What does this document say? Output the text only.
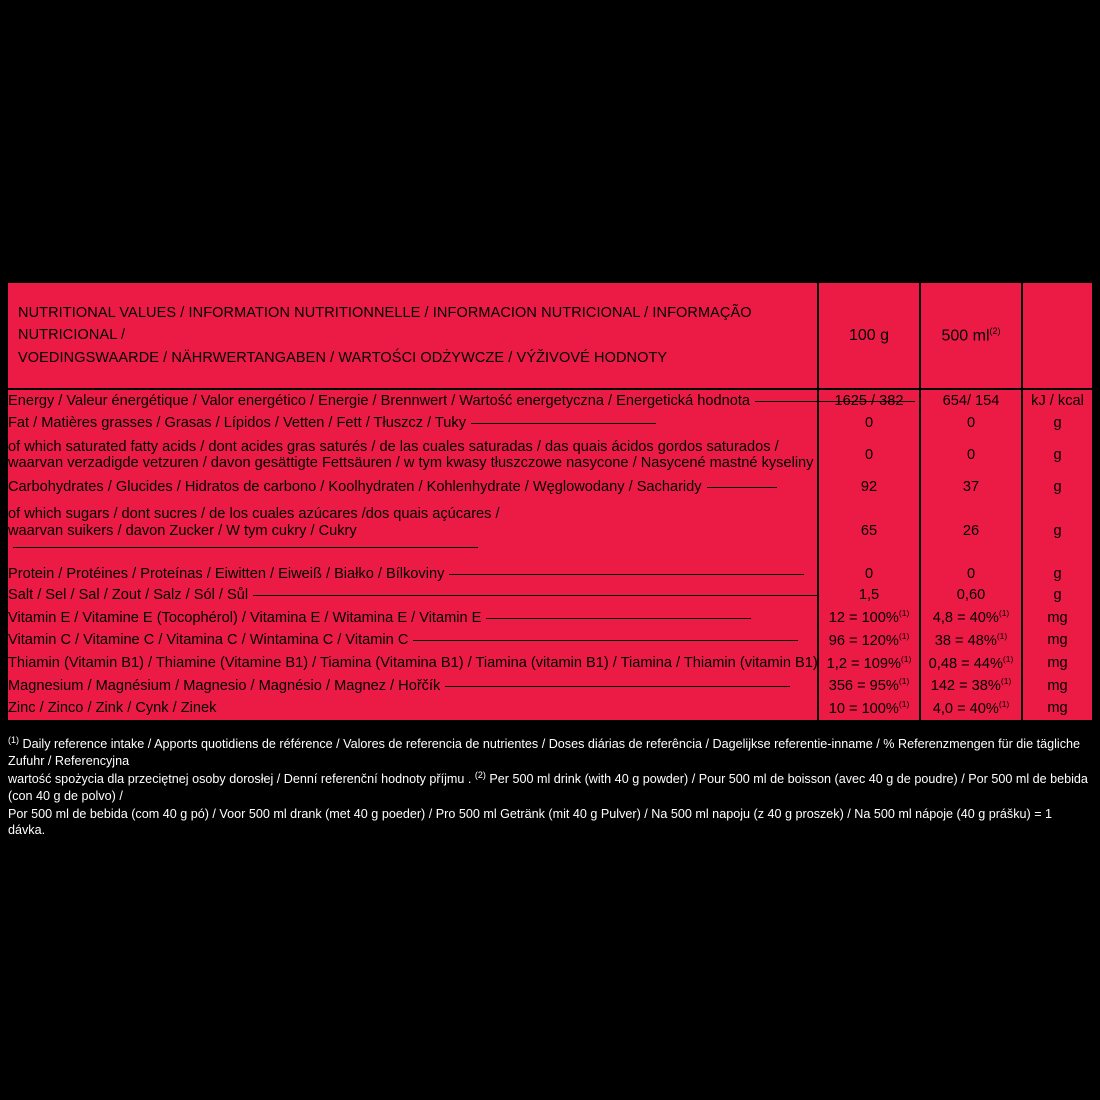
NUTRITIONAL VALUES / INFORMATION NUTRITIONNELLE / INFORMACION NUTRICIONAL / INFORMAÇÃO NUTRICIONAL /
VOEDINGSWAARDE / NÄHRWERTANGABEN / WARTOŚCI ODŻYWCZE / VÝŽIVOVÉ HODNOTY	100 g	500 $ml^{(2)}$	
Energy / Valeur énergétique / Valor energético / Energie / Brennwert / Wartość energetyczna / Energetická hodnota	1625 / 382	654/ 154	kJ / kcal
Fat / Matières grasses / Grasas / Lípidos / Vetten / Fett / Tłuszcz / Tuky	0	0	g

of which saturated fatty acids / dont acides gras saturés / de las cuales saturadas / das quais ácidos gordos saturados /
waarvan verzadigde vetzuren / davon gesättigte Fettsäuren / w tym kwasy tłuszczowe nasycone / Nasycené mastné kyseliny	0	0	g
Carbohydrates / Glucides / Hidratos de carbono / Koolhydraten / Kohlenhydrate / Węglowodany / Sacharidy	92	37	g

of which sugars / dont sucres / de los cuales azúcares /dos quais açúcares /
waarvan suikers / davon Zucker / W tym cukry / Cukry	65	26	g
Protein / Protéines / Proteínas / Eiwitten / Eiweiß / Białko / Bílkoviny	0	0	g
Salt / Sel / Sal / Zout / Salz / Sól / Sůl	1,5	0,60	g
Vitamin E / Vitamine E (Tocophérol) / Vitamina E / Witamina E / Vitamin E	12 = 100%$^{(1)}$	4,8 = 40%$^{(1)}$	mg
Vitamin C / Vitamine C / Vitamina C / Wintamina C / Vitamin C	96 = 120%$^{(1)}$	38 = 48%$^{(1)}$	mg
Thiamin (Vitamin B1) / Thiamine (Vitamine B1) / Tiamina (Vitamina B1) / Tiamina (vitamin B1) / Tiamina / Thiamin (vitamin B1)	1,2 = 109%$^{(1)}$	0,48 = 44%$^{(1)}$	mg
Magnesium / Magnésium / Magnesio / Magnésio / Magnez / Hořčík	356 = 95%$^{(1)}$	142 = 38%$^{(1)}$	mg
Zinc / Zinco / Zink / Cynk / Zinek	10 = 100%$^{(1)}$	4,0 = 40%$^{(1)}$	mg

$^{(1)}$ Daily reference intake / Apports quotidiens de référence / Valores de referencia de nutrientes / Doses diárias de referência / Dagelijkse referentie-inname / % Referenzmengen für die tägliche Zufuhr / Referencyjna

wartość spożycia dla przeciętnej osoby dorosłej / Denní referenční hodnoty příjmu . $^{(2)}$ Per 500 ml drink (with 40 g powder) / Pour 500 ml de boisson (avec 40 g de poudre) / Por 500 ml de bebida (con 40 g de polvo) /

Por 500 ml de bebida (com 40 g pó) / Voor 500 ml drank (met 40 g poeder) / Pro 500 ml Getränk (mit 40 g Pulver) / Na 500 ml napoju (z 40 g proszek) / Na 500 ml nápoje (40 g prášku) = 1 dávka.
